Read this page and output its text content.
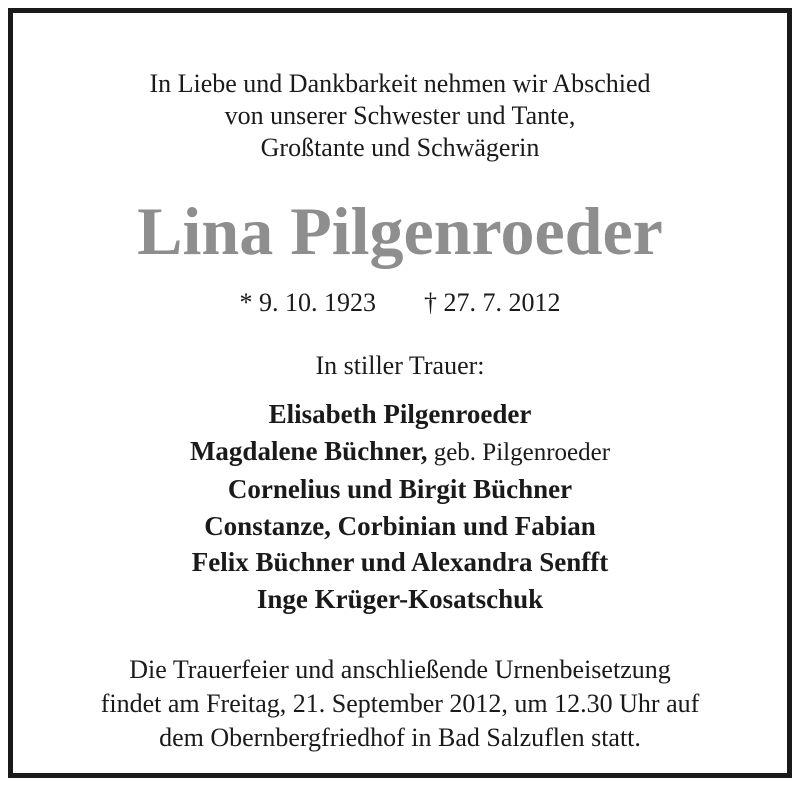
In Liebe und Dankbarkeit nehmen wir Abschied
von unserer Schwester und Tante,
Großtante und Schwägerin
Lina Pilgenroeder
* 9. 10. 1923 † 27. 7. 2012
In stiller Trauer:
Elisabeth Pilgenroeder
Magdalene Büchner, geb. Pilgenroeder
Cornelius und Birgit Büchner
Constanze, Corbinian und Fabian
Felix Büchner und Alexandra Senfft
Inge Krüger-Kosatschuk
Die Trauerfeier und anschließende Urnenbeisetzung
findet am Freitag, 21. September 2012, um 12.30 Uhr auf
dem Obernbergfriedhof in Bad Salzuflen statt.
